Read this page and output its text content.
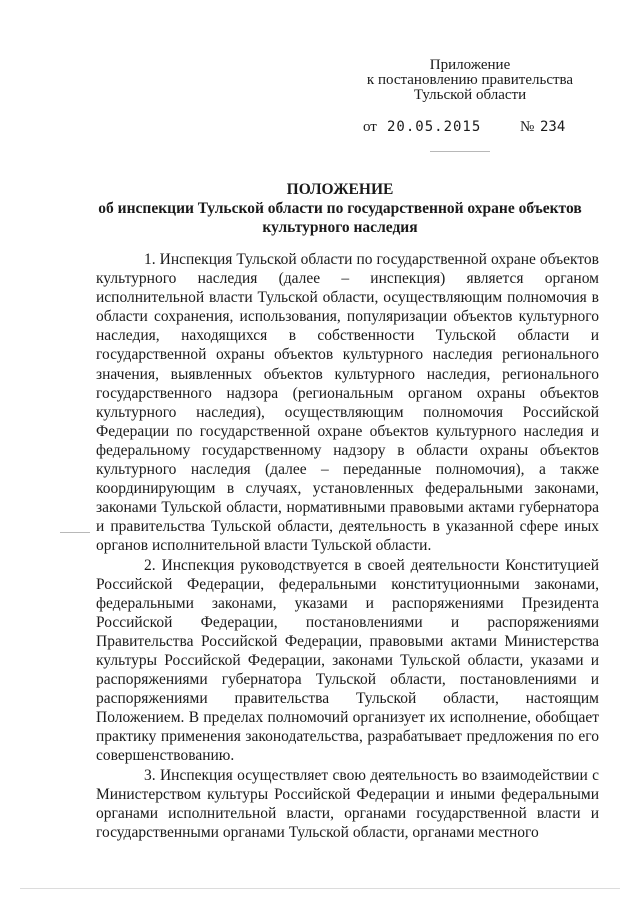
Приложение
к постановлению правительства
Тульской области
от 20.05.2015	№ 234
ПОЛОЖЕНИЕ
об инспекции Тульской области по государственной охране объектов
культурного наследия

1. Инспекция Тульской области по государственной охране объектов культурного наследия (далее – инспекция) является органом исполнительной власти Тульской области, осуществляющим полномочия в области сохранения, использования, популяризации объектов культурного наследия, находящихся в собственности Тульской области и государственной охраны объектов культурного наследия регионального значения, выявленных объектов культурного наследия, регионального государственного надзора (региональным органом охраны объектов культурного наследия), осуществляющим полномочия Российской Федерации по государственной охране объектов культурного наследия и федеральному государственному надзору в области охраны объектов культурного наследия (далее – переданные полномочия), а также координирующим в случаях, установленных федеральными законами, законами Тульской области, нормативными правовыми актами губернатора и правительства Тульской области, деятельность в указанной сфере иных органов исполнительной власти Тульской области.

2. Инспекция руководствуется в своей деятельности Конституцией Российской Федерации, федеральными конституционными законами, федеральными законами, указами и распоряжениями Президента Российской Федерации, постановлениями и распоряжениями Правительства Российской Федерации, правовыми актами Министерства культуры Российской Федерации, законами Тульской области, указами и распоряжениями губернатора Тульской области, постановлениями и распоряжениями правительства Тульской области, настоящим Положением. В пределах полномочий организует их исполнение, обобщает практику применения законодательства, разрабатывает предложения по его совершенствованию.

3. Инспекция осуществляет свою деятельность во взаимодействии с Министерством культуры Российской Федерации и иными федеральными органами исполнительной власти, органами государственной власти и государственными органами Тульской области, органами местного
